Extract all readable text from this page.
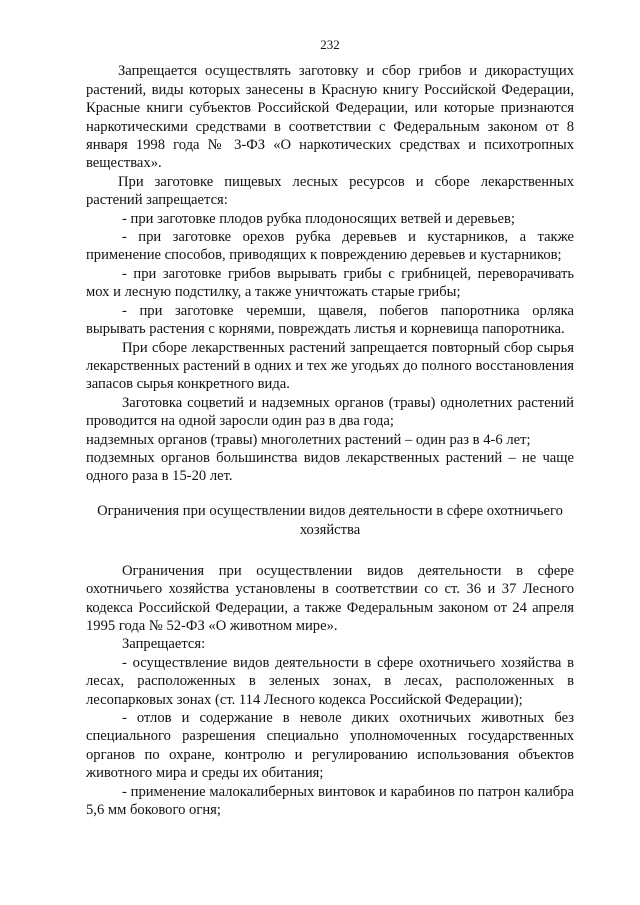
232

Запрещается осуществлять заготовку и сбор грибов и дикорастущих растений, виды которых занесены в Красную книгу Российской Федерации, Красные книги субъектов Российской Федерации, или которые признаются наркотическими средствами в соответствии с Федеральным законом от 8 января 1998 года № 3-ФЗ «О наркотических средствах и психотропных веществах».

При заготовке пищевых лесных ресурсов и сборе лекарственных растений запрещается:

- при заготовке плодов рубка плодоносящих ветвей и деревьев;

- при заготовке орехов рубка деревьев и кустарников, а также применение способов, приводящих к повреждению деревьев и кустарников;

- при заготовке грибов вырывать грибы с грибницей, переворачивать мох и лесную подстилку, а также уничтожать старые грибы;

- при заготовке черемши, щавеля, побегов папоротника орляка вырывать растения с корнями, повреждать листья и корневища папоротника.

При сборе лекарственных растений запрещается повторный сбор сырья лекарственных растений в одних и тех же угодьях до полного восстановления запасов сырья конкретного вида.

Заготовка соцветий и надземных органов (травы) однолетних растений проводится на одной заросли один раз в два года;

надземных органов (травы) многолетних растений – один раз в 4-6 лет;

подземных органов большинства видов лекарственных растений – не чаще одного раза в 15-20 лет.

Ограничения при осуществлении видов деятельности в сфере охотничьего хозяйства

Ограничения при осуществлении видов деятельности в сфере охотничьего хозяйства установлены в соответствии со ст. 36 и 37 Лесного кодекса Российской Федерации, а также Федеральным законом от 24 апреля 1995 года № 52-ФЗ «О животном мире».

Запрещается:

- осуществление видов деятельности в сфере охотничьего хозяйства в лесах, расположенных в зеленых зонах, в лесах, расположенных в лесопарковых зонах (ст. 114 Лесного кодекса Российской Федерации);

- отлов и содержание в неволе диких охотничьих животных без специального разрешения специально уполномоченных государственных органов по охране, контролю и регулированию использования объектов животного мира и среды их обитания;

- применение малокалиберных винтовок и карабинов по патрон калибра 5,6 мм бокового огня;
